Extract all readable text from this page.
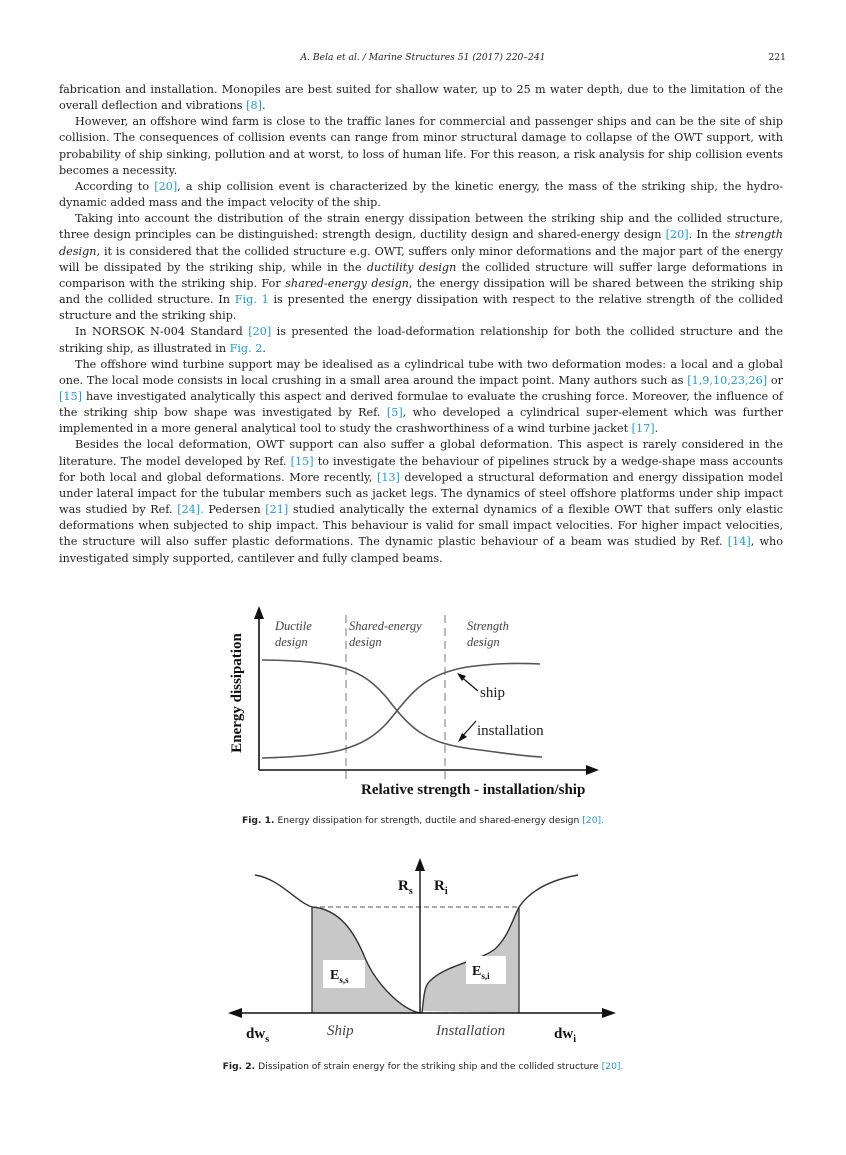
A. Bela et al. / Marine Structures 51 (2017) 220–241	221

fabrication and installation. Monopiles are best suited for shallow water, up to 25 m water depth, due to the limitation of the overall deflection and vibrations [8].

However, an offshore wind farm is close to the traffic lanes for commercial and passenger ships and can be the site of ship collision. The consequences of collision events can range from minor structural damage to collapse of the OWT support, with probability of ship sinking, pollution and at worst, to loss of human life. For this reason, a risk analysis for ship collision events becomes a necessity.

According to [20], a ship collision event is characterized by the kinetic energy, the mass of the striking ship, the hydro-dynamic added mass and the impact velocity of the ship.

Taking into account the distribution of the strain energy dissipation between the striking ship and the collided structure, three design principles can be distinguished: strength design, ductility design and shared-energy design [20]. In the strength design, it is considered that the collided structure e.g. OWT, suffers only minor deformations and the major part of the energy will be dissipated by the striking ship, while in the ductility design the collided structure will suffer large deformations in comparison with the striking ship. For shared-energy design, the energy dissipation will be shared between the striking ship and the collided structure. In Fig. 1 is presented the energy dissipation with respect to the relative strength of the collided structure and the striking ship.

In NORSOK N-004 Standard [20] is presented the load-deformation relationship for both the collided structure and the striking ship, as illustrated in Fig. 2.

The offshore wind turbine support may be idealised as a cylindrical tube with two deformation modes: a local and a global one. The local mode consists in local crushing in a small area around the impact point. Many authors such as [1,9,10,23,26] or [15] have investigated analytically this aspect and derived formulae to evaluate the crushing force. Moreover, the influence of the striking ship bow shape was investigated by Ref. [5], who developed a cylindrical super-element which was further implemented in a more general analytical tool to study the crashworthiness of a wind turbine jacket [17].

Besides the local deformation, OWT support can also suffer a global deformation. This aspect is rarely considered in the literature. The model developed by Ref. [15] to investigate the behaviour of pipelines struck by a wedge-shape mass accounts for both local and global deformations. More recently, [13] developed a structural deformation and energy dissipation model under lateral impact for the tubular members such as jacket legs. The dynamics of steel offshore platforms under ship impact was studied by Ref. [24]. Pedersen [21] studied analytically the external dynamics of a flexible OWT that suffers only elastic deformations when subjected to ship impact. This behaviour is valid for small impact velocities. For higher impact velocities, the structure will also suffer plastic deformations. The dynamic plastic behaviour of a beam was studied by Ref. [14], who investigated simply supported, cantilever and fully clamped beams.

Ductile
design
Shared-energy
design
Strength
design
ship
installation
Energy dissipation
Relative strength - installation/ship
Fig. 1. Energy dissipation for strength, ductile and shared-energy design [20].
$R_s$ $R_i$
$dw_s$	$dw_i$
$E_{s,s}$
$E_{s,i}$
Ship	Installation
Fig. 2. Dissipation of strain energy for the striking ship and the collided structure [20].
